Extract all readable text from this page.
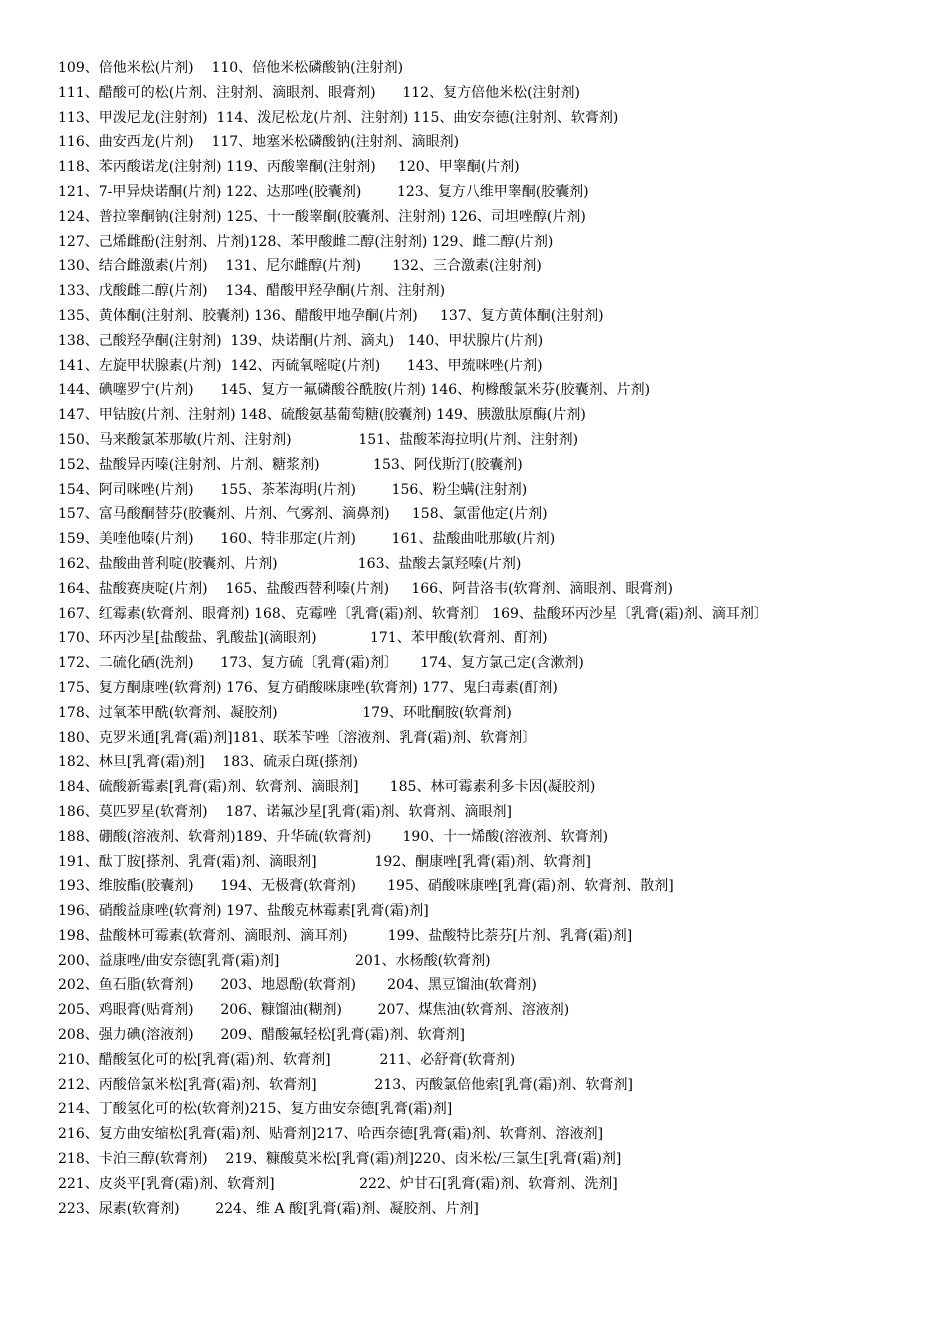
109、倍他米松(片剂)    110、倍他米松磷酸钠(注射剂)
111、醋酸可的松(片剂、注射剂、滴眼剂、眼膏剂)      112、复方倍他米松(注射剂)
113、甲泼尼龙(注射剂)  114、泼尼松龙(片剂、注射剂) 115、曲安奈德(注射剂、软膏剂)
116、曲安西龙(片剂)    117、地塞米松磷酸钠(注射剂、滴眼剂)
118、苯丙酸诺龙(注射剂) 119、丙酸睾酮(注射剂)     120、甲睾酮(片剂)
121、7-甲异炔诺酮(片剂) 122、达那唑(胶囊剂)        123、复方八维甲睾酮(胶囊剂)
124、普拉睾酮钠(注射剂) 125、十一酸睾酮(胶囊剂、注射剂) 126、司坦唑醇(片剂)
127、己烯雌酚(注射剂、片剂)128、苯甲酸雌二醇(注射剂) 129、雌二醇(片剂)
130、结合雌激素(片剂)    131、尼尔雌醇(片剂)       132、三合激素(注射剂)
133、戊酸雌二醇(片剂)    134、醋酸甲羟孕酮(片剂、注射剂)
135、黄体酮(注射剂、胶囊剂) 136、醋酸甲地孕酮(片剂)     137、复方黄体酮(注射剂)
138、己酸羟孕酮(注射剂)  139、炔诺酮(片剂、滴丸)   140、甲状腺片(片剂)
141、左旋甲状腺素(片剂)  142、丙硫氧嘧啶(片剂)      143、甲巯咪唑(片剂)
144、碘噻罗宁(片剂)      145、复方一氟磷酸谷酰胺(片剂) 146、枸橼酸氯米芬(胶囊剂、片剂)
147、甲钴胺(片剂、注射剂) 148、硫酸氨基葡萄糖(胶囊剂) 149、胰激肽原酶(片剂)
150、马来酸氯苯那敏(片剂、注射剂)               151、盐酸苯海拉明(片剂、注射剂)
152、盐酸异丙嗪(注射剂、片剂、糖浆剂)            153、阿伐斯汀(胶囊剂)
154、阿司咪唑(片剂)      155、茶苯海明(片剂)        156、粉尘螨(注射剂)
157、富马酸酮替芬(胶囊剂、片剂、气雾剂、滴鼻剂)     158、氯雷他定(片剂)
159、美喹他嗪(片剂)      160、特非那定(片剂)        161、盐酸曲吡那敏(片剂)
162、盐酸曲普利啶(胶囊剂、片剂)                  163、盐酸去氯羟嗪(片剂)
164、盐酸赛庚啶(片剂)    165、盐酸西替利嗪(片剂)     166、阿昔洛韦(软膏剂、滴眼剂、眼膏剂)
167、红霉素(软膏剂、眼膏剂) 168、克霉唑〔乳膏(霜)剂、软膏剂〕 169、盐酸环丙沙星〔乳膏(霜)剂、滴耳剂〕
170、环丙沙星[盐酸盐、乳酸盐](滴眼剂)            171、苯甲酸(软膏剂、酊剂)
172、二硫化硒(洗剂)      173、复方硫〔乳膏(霜)剂〕     174、复方氯己定(含漱剂)
175、复方酮康唑(软膏剂) 176、复方硝酸咪康唑(软膏剂) 177、鬼臼毒素(酊剂)
178、过氧苯甲酰(软膏剂、凝胶剂)                   179、环吡酮胺(软膏剂)
180、克罗米通[乳膏(霜)剂]181、联苯苄唑〔溶液剂、乳膏(霜)剂、软膏剂〕
182、林旦[乳膏(霜)剂]    183、硫汞白斑(搽剂)
184、硫酸新霉素[乳膏(霜)剂、软膏剂、滴眼剂]       185、林可霉素利多卡因(凝胶剂)
186、莫匹罗星(软膏剂)    187、诺氟沙星[乳膏(霜)剂、软膏剂、滴眼剂]
188、硼酸(溶液剂、软膏剂)189、升华硫(软膏剂)       190、十一烯酸(溶液剂、软膏剂)
191、酞丁胺[搽剂、乳膏(霜)剂、滴眼剂]             192、酮康唑[乳膏(霜)剂、软膏剂]
193、维胺酯(胶囊剂)      194、无极膏(软膏剂)       195、硝酸咪康唑[乳膏(霜)剂、软膏剂、散剂]
196、硝酸益康唑(软膏剂) 197、盐酸克林霉素[乳膏(霜)剂]
198、盐酸林可霉素(软膏剂、滴眼剂、滴耳剂)         199、盐酸特比萘芬[片剂、乳膏(霜)剂]
200、益康唑/曲安奈德[乳膏(霜)剂]                 201、水杨酸(软膏剂)
202、鱼石脂(软膏剂)      203、地恩酚(软膏剂)       204、黑豆馏油(软膏剂)
205、鸡眼膏(贴膏剂)      206、糠馏油(糊剂)        207、煤焦油(软膏剂、溶液剂)
208、强力碘(溶液剂)      209、醋酸氟轻松[乳膏(霜)剂、软膏剂]
210、醋酸氢化可的松[乳膏(霜)剂、软膏剂]           211、必舒膏(软膏剂)
212、丙酸倍氯米松[乳膏(霜)剂、软膏剂]             213、丙酸氯倍他索[乳膏(霜)剂、软膏剂]
214、丁酸氢化可的松(软膏剂)215、复方曲安奈德[乳膏(霜)剂]
216、复方曲安缩松[乳膏(霜)剂、贴膏剂]217、哈西奈德[乳膏(霜)剂、软膏剂、溶液剂]
218、卡泊三醇(软膏剂)    219、糠酸莫米松[乳膏(霜)剂]220、卤米松/三氯生[乳膏(霜)剂]
221、皮炎平[乳膏(霜)剂、软膏剂]                   222、炉甘石[乳膏(霜)剂、软膏剂、洗剂]
223、尿素(软膏剂)        224、维 A 酸[乳膏(霜)剂、凝胶剂、片剂]
